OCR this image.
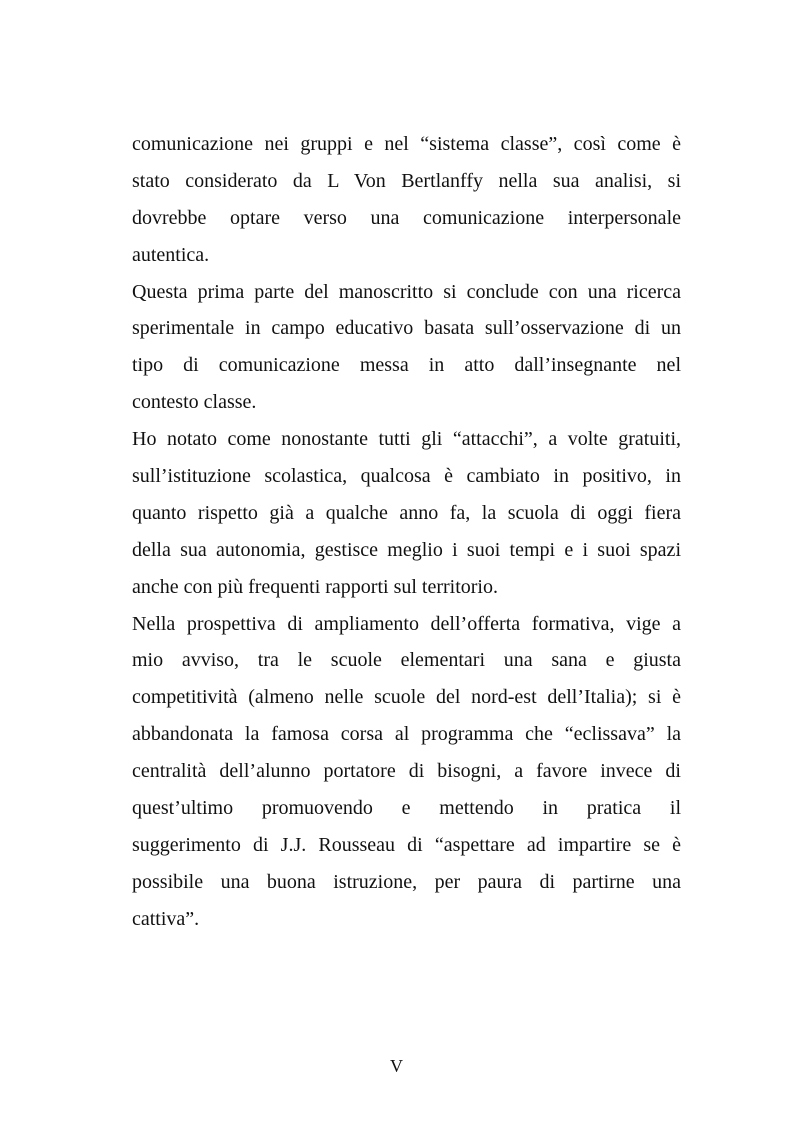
comunicazione nei gruppi e nel “sistema classe”, così come è
stato considerato da L Von Bertlanffy nella sua analisi, si
dovrebbe optare verso una comunicazione interpersonale
autentica.
Questa prima parte del manoscritto si conclude con una ricerca
sperimentale in campo educativo basata sull’osservazione di un
tipo di comunicazione messa in atto dall’insegnante nel
contesto classe.
Ho notato come nonostante tutti gli “attacchi”, a volte gratuiti,
sull’istituzione scolastica, qualcosa è cambiato in positivo, in
quanto rispetto già a qualche anno fa, la scuola di oggi fiera
della sua autonomia, gestisce meglio i suoi tempi e i suoi spazi
anche con più frequenti rapporti sul territorio.
Nella prospettiva di ampliamento dell’offerta formativa, vige a
mio avviso, tra le scuole elementari una sana e giusta
competitività (almeno nelle scuole del nord-est dell’Italia); si è
abbandonata la famosa corsa al programma che “eclissava” la
centralità dell’alunno portatore di bisogni, a favore invece di
quest’ultimo promuovendo e mettendo in pratica il
suggerimento di J.J. Rousseau di “aspettare ad impartire se è
possibile una buona istruzione, per paura di partirne una
cattiva”.
V
